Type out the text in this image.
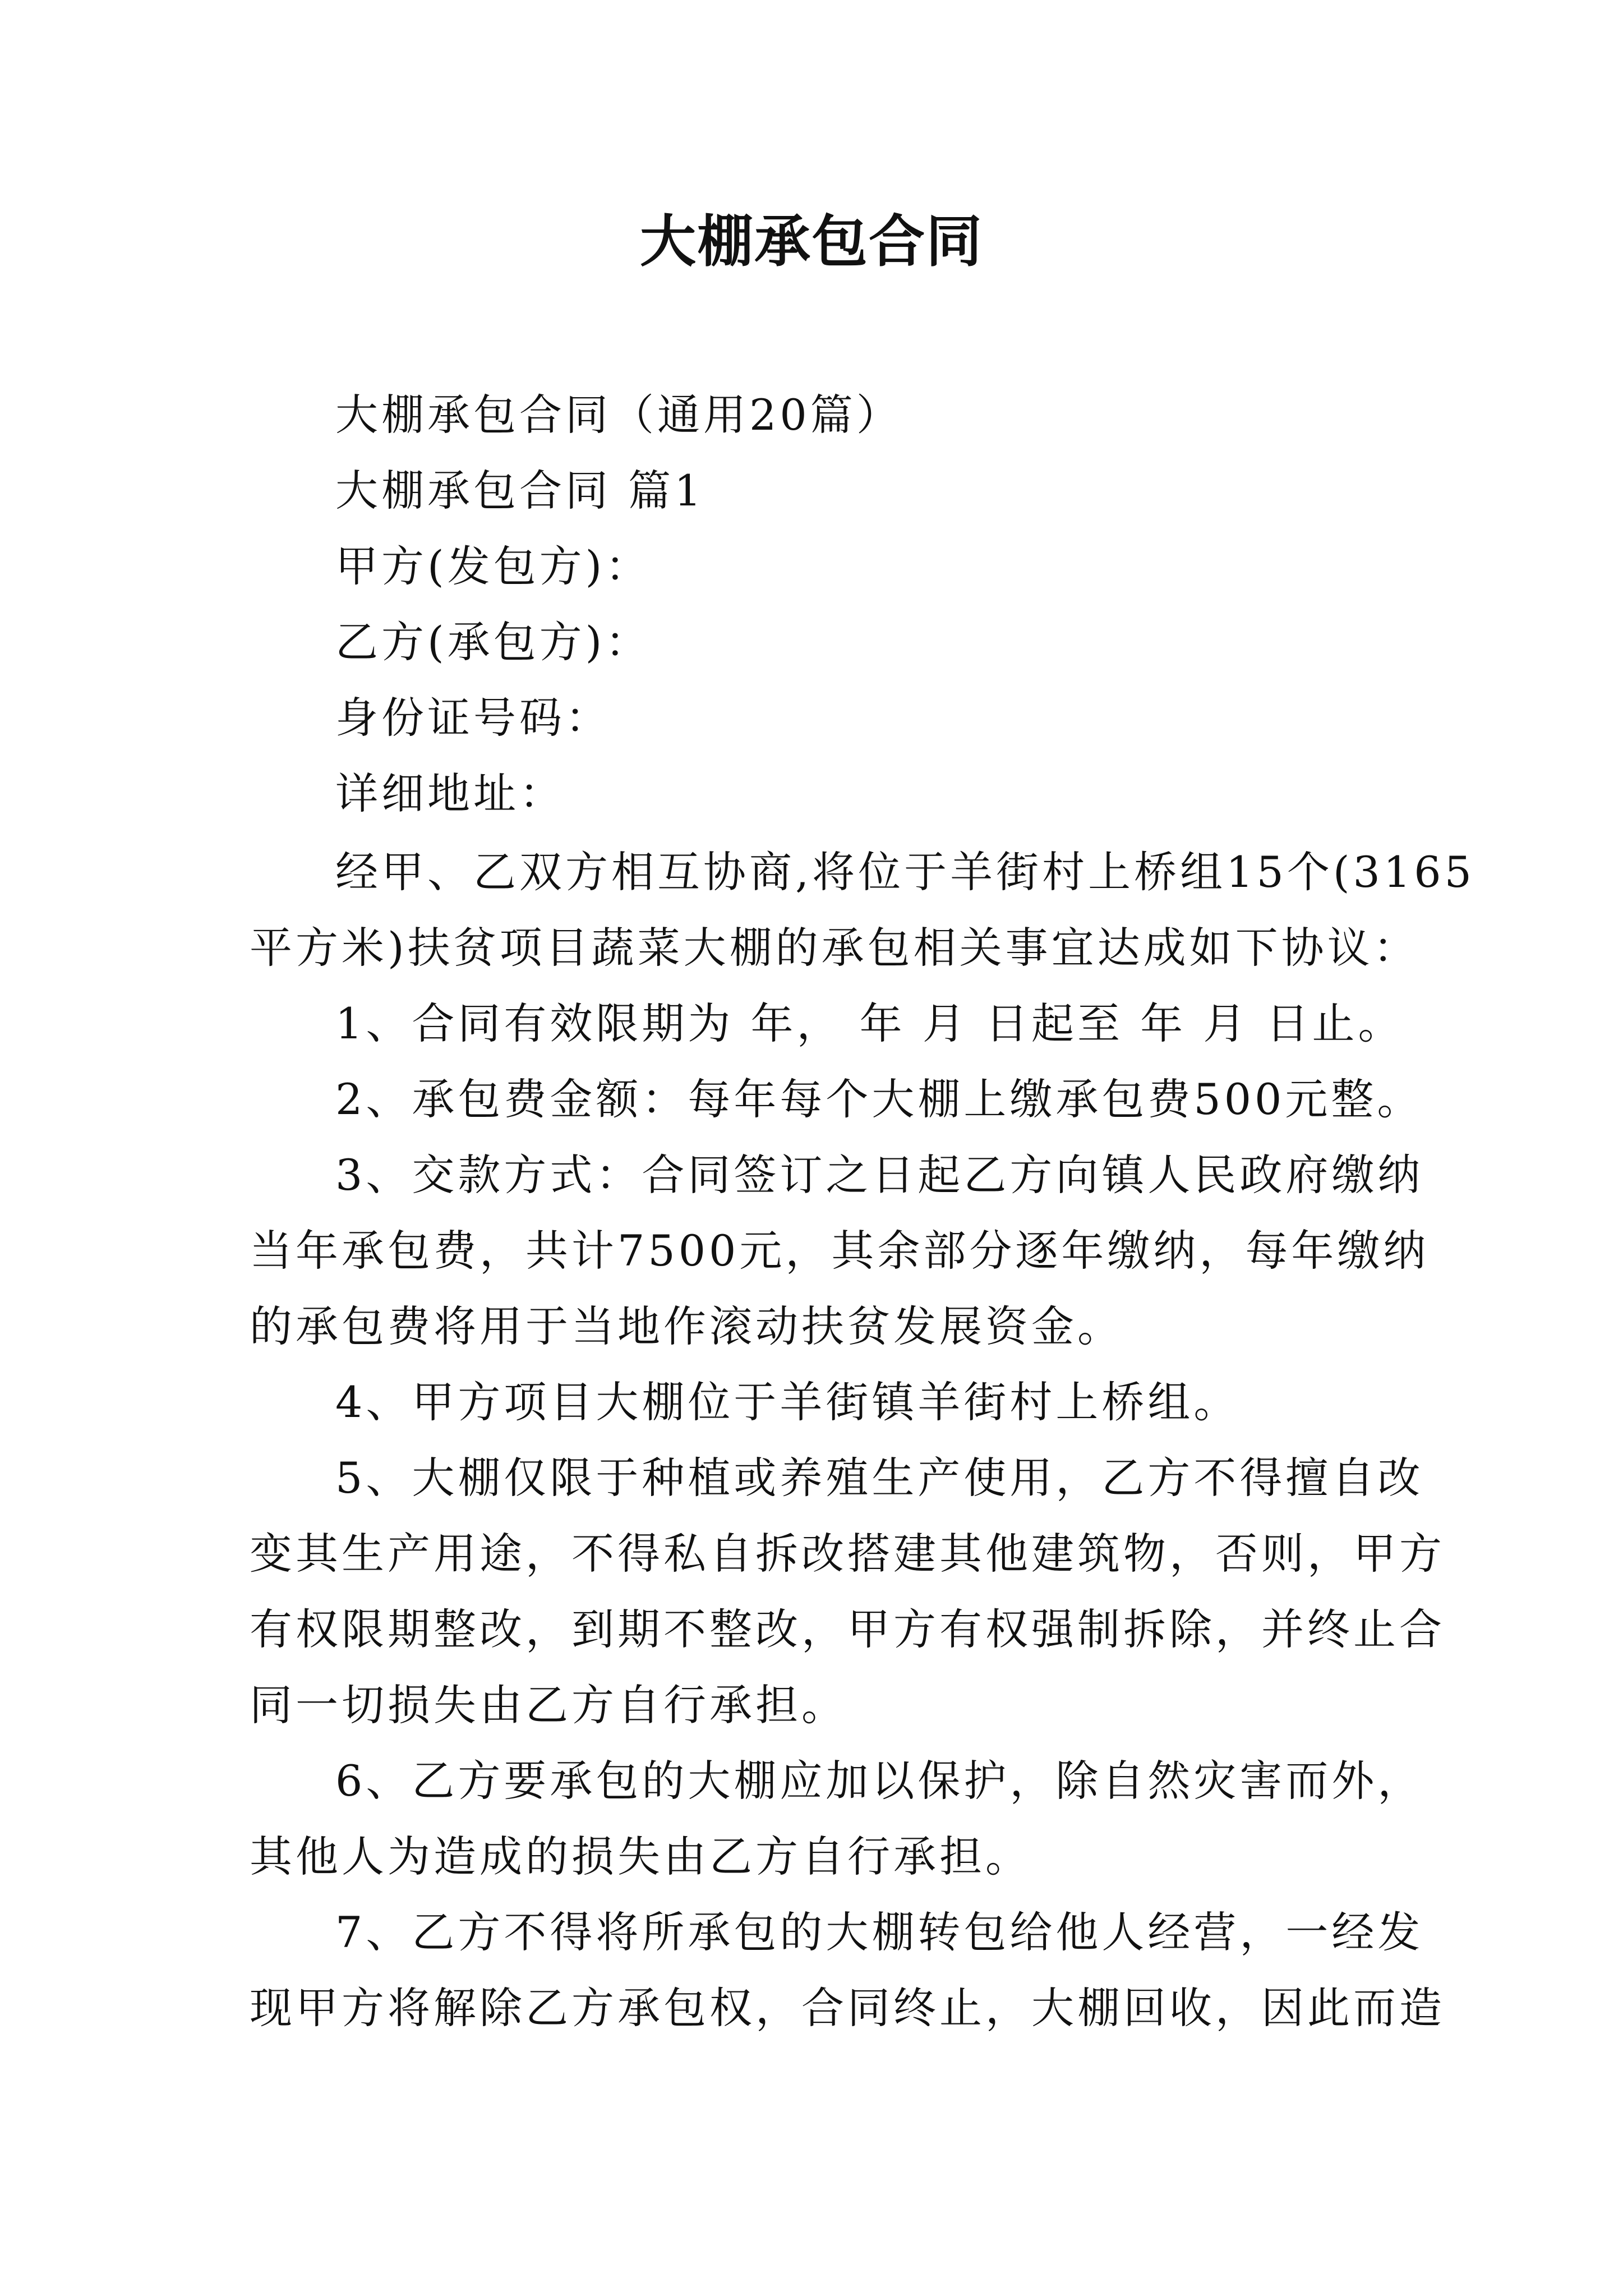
大棚承包合同
大棚承包合同（通用20篇）
大棚承包合同 篇1
甲方(发包方)：
乙方(承包方)：
身份证号码：
详细地址：
经甲、乙双方相互协商,将位于羊街村上桥组15个(3165
平方米)扶贫项目蔬菜大棚的承包相关事宜达成如下协议：
1、合同有效限期为 年， 年 月 日起至 年 月 日止。
2、承包费金额：每年每个大棚上缴承包费500元整。
3、交款方式：合同签订之日起乙方向镇人民政府缴纳
当年承包费，共计7500元，其余部分逐年缴纳，每年缴纳
的承包费将用于当地作滚动扶贫发展资金。
4、甲方项目大棚位于羊街镇羊街村上桥组。
5、大棚仅限于种植或养殖生产使用，乙方不得擅自改
变其生产用途，不得私自拆改搭建其他建筑物，否则，甲方
有权限期整改，到期不整改，甲方有权强制拆除，并终止合
同一切损失由乙方自行承担。
6、乙方要承包的大棚应加以保护，除自然灾害而外，
其他人为造成的损失由乙方自行承担。
7、乙方不得将所承包的大棚转包给他人经营，一经发
现甲方将解除乙方承包权，合同终止，大棚回收，因此而造
